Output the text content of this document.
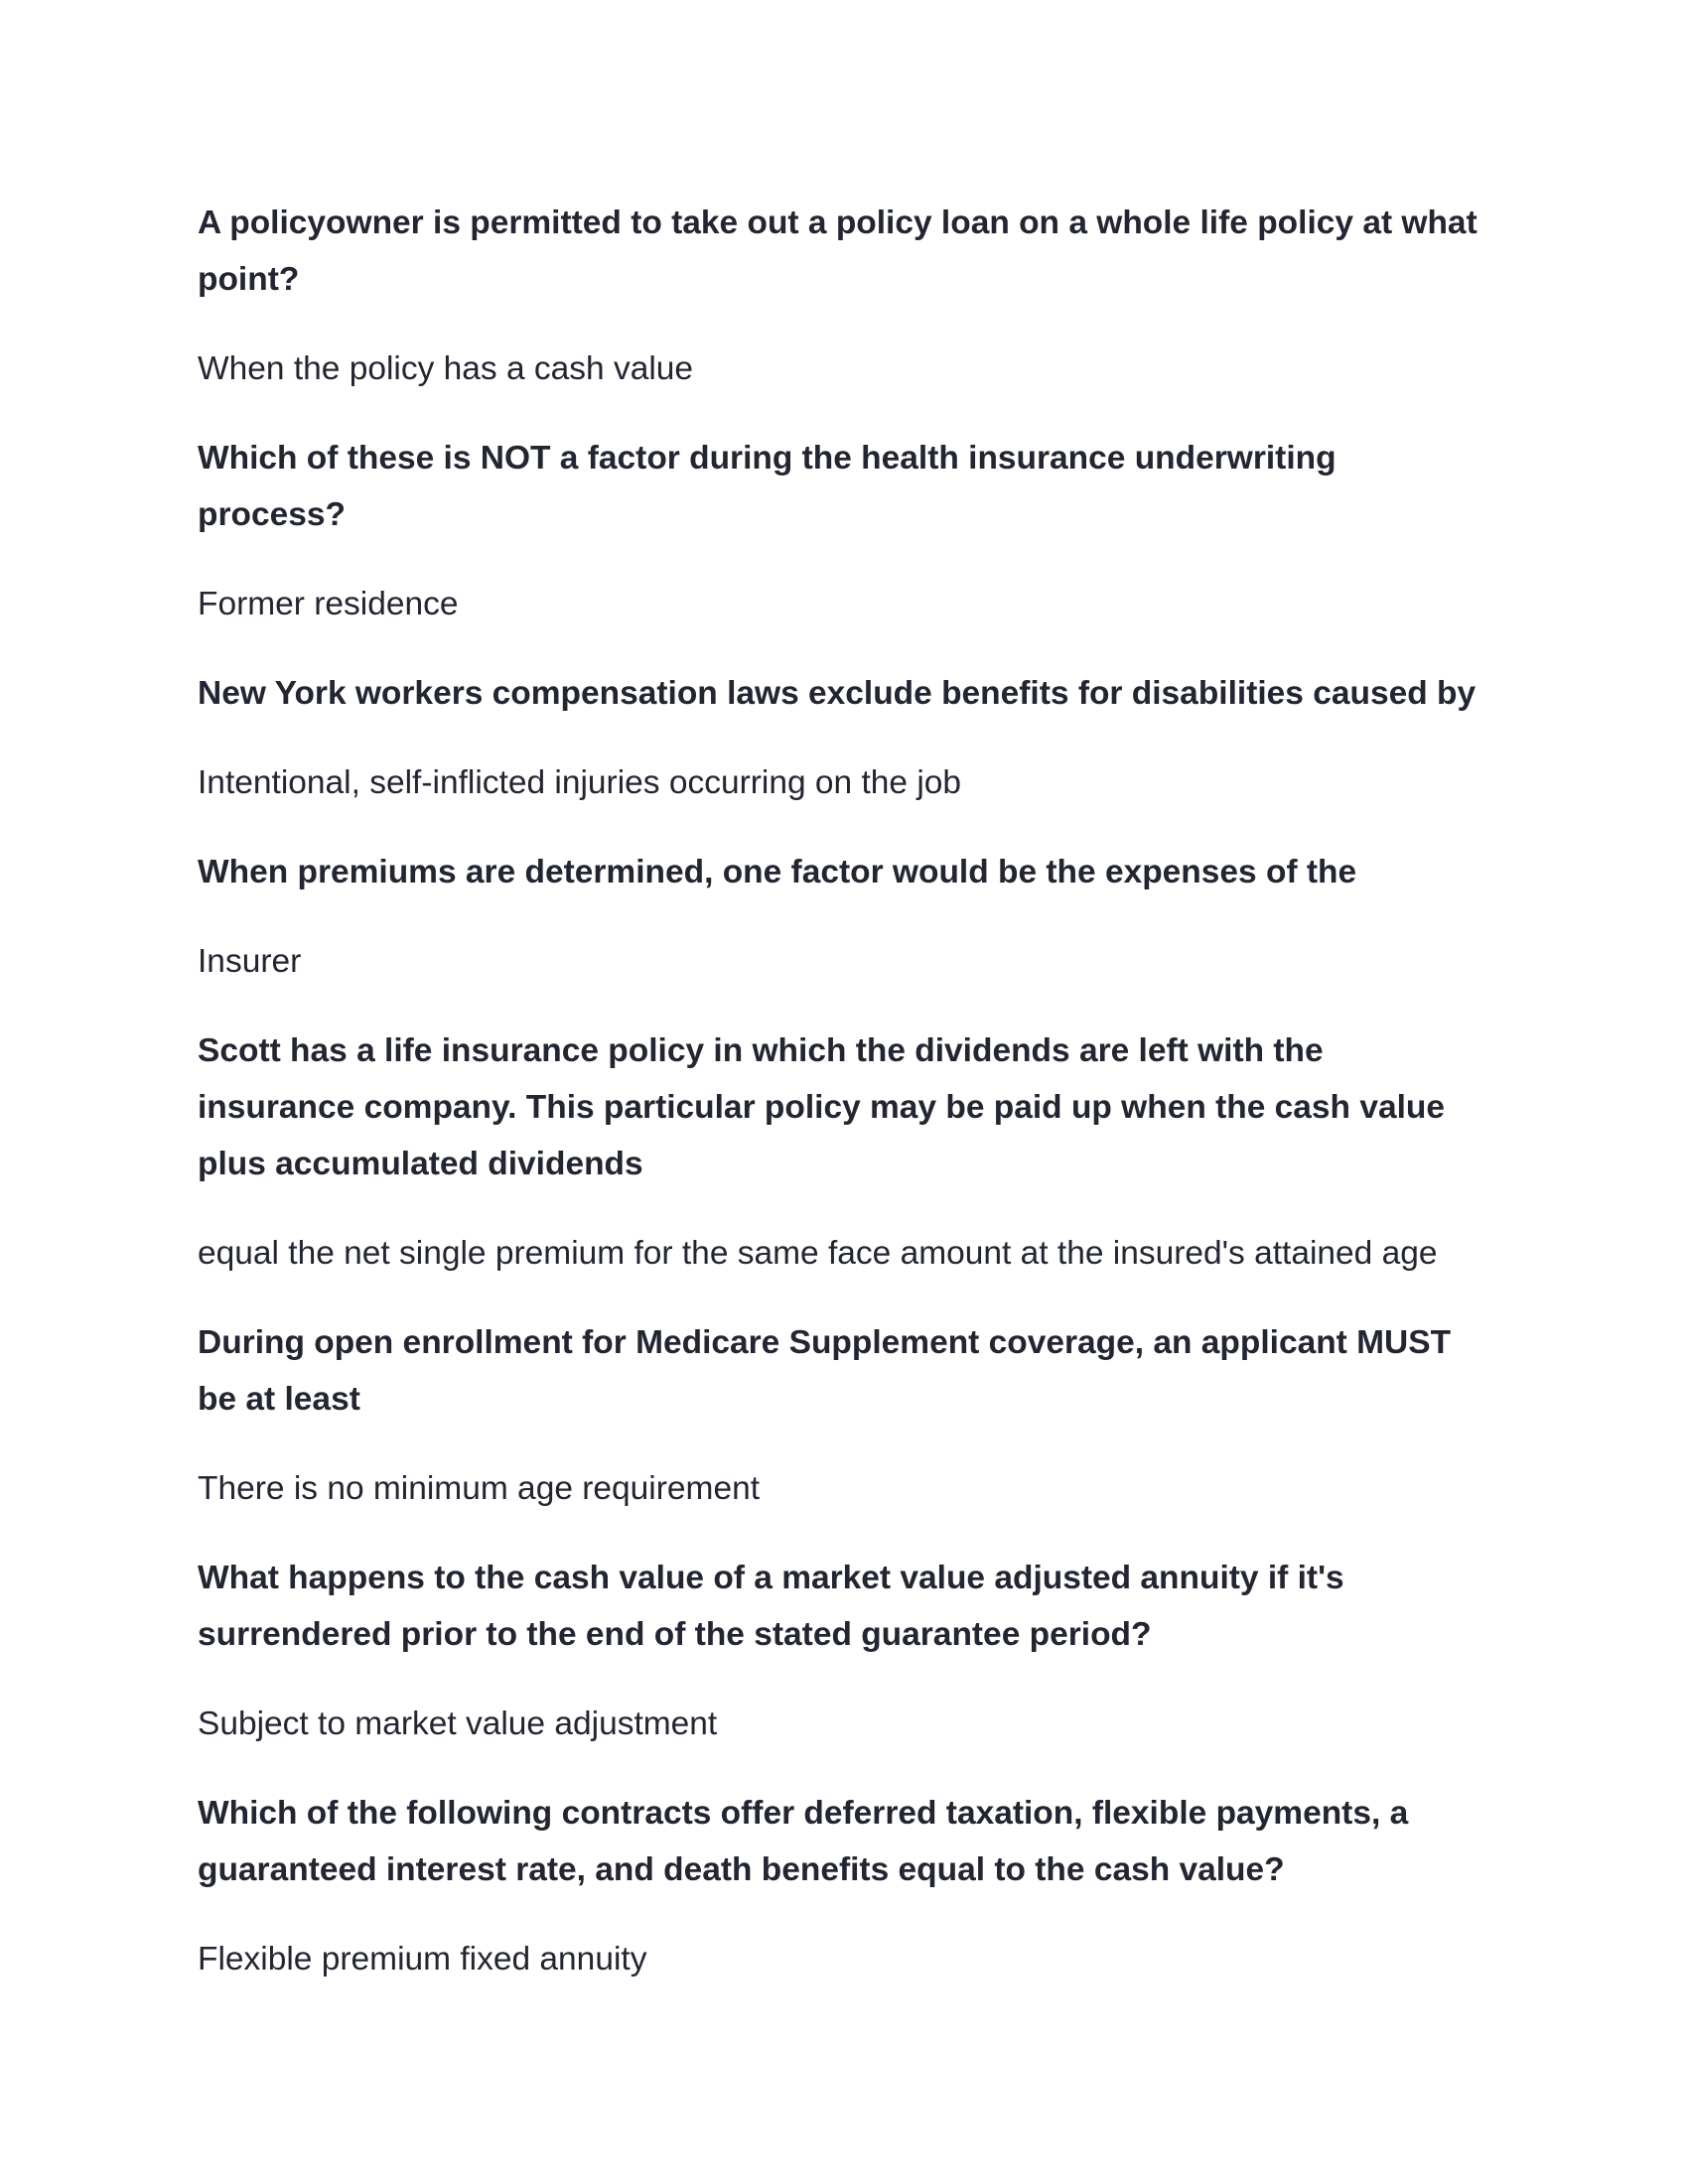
A policyowner is permitted to take out a policy loan on a whole life policy at what point?

When the policy has a cash value

Which of these is NOT a factor during the health insurance underwriting process?

Former residence

New York workers compensation laws exclude benefits for disabilities caused by

Intentional, self-inflicted injuries occurring on the job

When premiums are determined, one factor would be the expenses of the

Insurer

Scott has a life insurance policy in which the dividends are left with the insurance company. This particular policy may be paid up when the cash value plus accumulated dividends

equal the net single premium for the same face amount at the insured's attained age

During open enrollment for Medicare Supplement coverage, an applicant MUST be at least

There is no minimum age requirement

What happens to the cash value of a market value adjusted annuity if it's surrendered prior to the end of the stated guarantee period?

Subject to market value adjustment

Which of the following contracts offer deferred taxation, flexible payments, a guaranteed interest rate, and death benefits equal to the cash value?

Flexible premium fixed annuity
